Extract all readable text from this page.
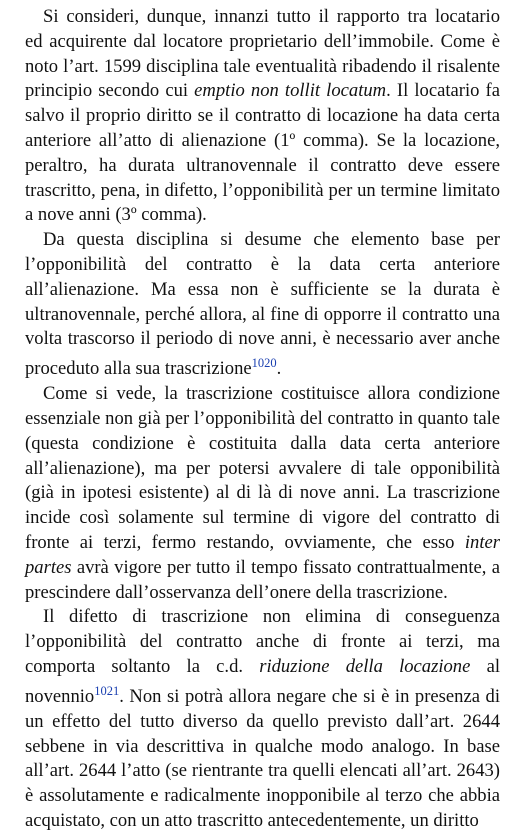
Si consideri, dunque, innanzi tutto il rapporto tra locatario
ed acquirente dal locatore proprietario dell’immobile. Come è
noto l’art. 1599 disciplina tale eventualità ribadendo il risalente
principio secondo cui emptio non tollit locatum. Il locatario fa
salvo il proprio diritto se il contratto di locazione ha data certa
anteriore all’atto di alienazione (1º comma). Se la locazione,
peraltro, ha durata ultranovennale il contratto deve essere
trascritto, pena, in difetto, l’opponibilità per un termine limitato
a nove anni (3º comma).
Da questa disciplina si desume che elemento base per
l’opponibilità del contratto è la data certa anteriore
all’alienazione. Ma essa non è sufficiente se la durata è
ultranovennale, perché allora, al fine di opporre il contratto una
volta trascorso il periodo di nove anni, è necessario aver anche
proceduto alla sua trascrizione$^{1020}$.
Come si vede, la trascrizione costituisce allora condizione
essenziale non già per l’opponibilità del contratto in quanto tale
(questa condizione è costituita dalla data certa anteriore
all’alienazione), ma per potersi avvalere di tale opponibilità
(già in ipotesi esistente) al di là di nove anni. La trascrizione
incide così solamente sul termine di vigore del contratto di
fronte ai terzi, fermo restando, ovviamente, che esso inter
partes avrà vigore per tutto il tempo fissato contrattualmente, a
prescindere dall’osservanza dell’onere della trascrizione.
Il difetto di trascrizione non elimina di conseguenza
l’opponibilità del contratto anche di fronte ai terzi, ma
comporta soltanto la c.d. riduzione della locazione al
novennio$^{1021}$. Non si potrà allora negare che si è in presenza di
un effetto del tutto diverso da quello previsto dall’art. 2644
sebbene in via descrittiva in qualche modo analogo. In base
all’art. 2644 l’atto (se rientrante tra quelli elencati all’art. 2643)
è assolutamente e radicalmente inopponibile al terzo che abbia
acquistato, con un atto trascritto antecedentemente, un diritto
